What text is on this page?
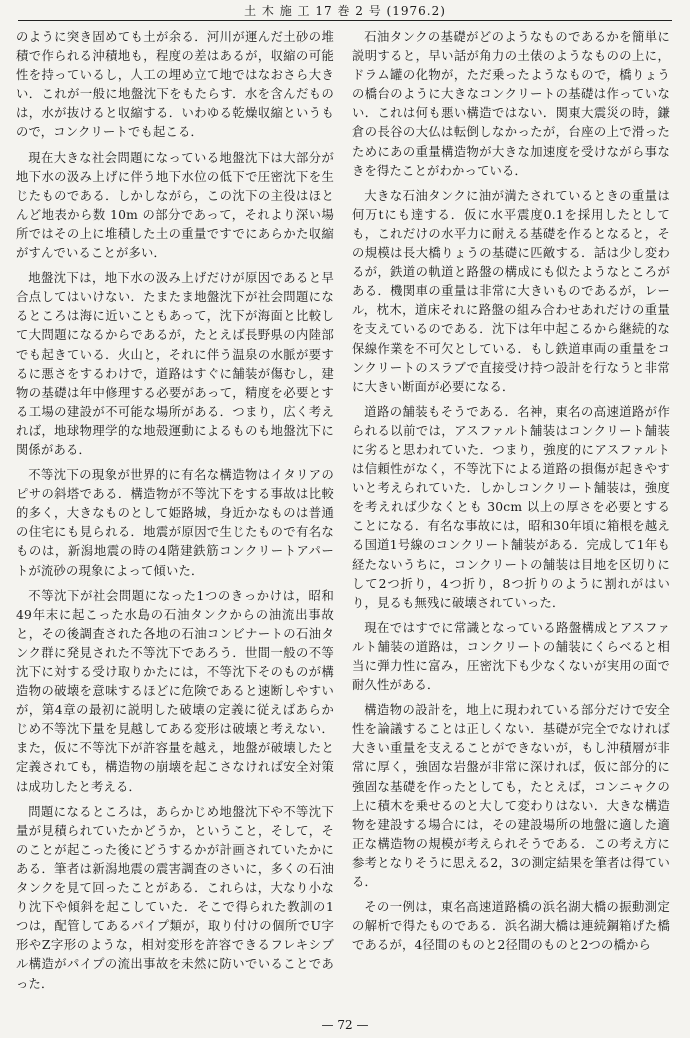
土 木 施 工 17 巻 2 号 (1976.2)

のように突き固めても土が余る．河川が運んだ土砂の堆積で作られる沖積地も，程度の差はあるが，収縮の可能性を持っているし，人工の埋め立て地ではなおさら大きい．これが一般に地盤沈下をもたらす．水を含んだものは，水が抜けると収縮する．いわゆる乾燥収縮というもので，コンクリートでも起こる．

現在大きな社会問題になっている地盤沈下は大部分が地下水の汲み上げに伴う地下水位の低下で圧密沈下を生じたものである．しかしながら，この沈下の主役はほとんど地表から数 10m の部分であって，それより深い場所ではその上に堆積した土の重量ですでにあらかた収縮がすんでいることが多い．

地盤沈下は，地下水の汲み上げだけが原因であると早合点してはいけない．たまたま地盤沈下が社会問題になるところは海に近いこともあって，沈下が海面と比較して大問題になるからであるが，たとえば長野県の内陸部でも起きている．火山と，それに伴う温泉の水脈が要するに悪さをするわけで，道路はすぐに舗装が傷むし，建物の基礎は年中修理する必要があって，精度を必要とする工場の建設が不可能な場所がある．つまり，広く考えれば，地球物理学的な地殻運動によるものも地盤沈下に関係がある．

不等沈下の現象が世界的に有名な構造物はイタリアのピサの斜塔である．構造物が不等沈下をする事故は比較的多く，大きなものとして姫路城，身近かなものは普通の住宅にも見られる．地震が原因で生じたもので有名なものは，新潟地震の時の4階建鉄筋コンクリートアパートが流砂の現象によって傾いた．

不等沈下が社会問題になった1つのきっかけは，昭和49年末に起こった水島の石油タンクからの油流出事故と，その後調査された各地の石油コンビナートの石油タンク群に発見された不等沈下であろう．世間一般の不等沈下に対する受け取りかたには，不等沈下そのものが構造物の破壊を意味するほどに危険であると速断しやすいが，第4章の最初に説明した破壊の定義に従えばあらかじめ不等沈下量を見越してある変形は破壊と考えない．また，仮に不等沈下が許容量を越え，地盤が破壊したと定義されても，構造物の崩壊を起こさなければ安全対策は成功したと考える．

問題になるところは，あらかじめ地盤沈下や不等沈下量が見積られていたかどうか，ということ，そして，そのことが起こった後にどうするかが計画されていたかにある．筆者は新潟地震の震害調査のさいに，多くの石油タンクを見て回ったことがある．これらは，大なり小なり沈下や傾斜を起こしていた．そこで得られた教訓の1つは，配管してあるパイプ類が，取り付けの個所でU字形やZ字形のような，相対変形を許容できるフレキシブル構造がパイプの流出事故を未然に防いでいることであった．

石油タンクの基礎がどのようなものであるかを簡単に説明すると，早い話が角力の土俵のようなものの上に，ドラム罐の化物が，ただ乗ったようなもので，橋りょうの橋台のように大きなコンクリートの基礎は作っていない．これは何も悪い構造ではない．関東大震災の時，鎌倉の長谷の大仏は転倒しなかったが，台座の上で滑ったためにあの重量構造物が大きな加速度を受けながら事なきを得たことがわかっている．

大きな石油タンクに油が満たされているときの重量は何万tにも達する．仮に水平震度0.1を採用したとしても，これだけの水平力に耐える基礎を作るとなると，その規模は長大橋りょうの基礎に匹敵する．話は少し変わるが，鉄道の軌道と路盤の構成にも似たようなところがある．機関車の重量は非常に大きいものであるが，レール，枕木，道床それに路盤の組み合わせあれだけの重量を支えているのである．沈下は年中起こるから継続的な保線作業を不可欠としている．もし鉄道車両の重量をコンクリートのスラブで直接受け持つ設計を行なうと非常に大きい断面が必要になる．

道路の舗装もそうである．名神，東名の高速道路が作られる以前では，アスファルト舗装はコンクリート舗装に劣ると思われていた．つまり，強度的にアスファルトは信頼性がなく，不等沈下による道路の損傷が起きやすいと考えられていた．しかしコンクリート舗装は，強度を考えれば少なくとも 30cm 以上の厚さを必要とすることになる．有名な事故には，昭和30年頃に箱根を越える国道1号線のコンクリート舗装がある．完成して1年も経たないうちに，コンクリートの舗装は目地を区切りにして2つ折り，4つ折り，8つ折りのように割れがはいり，見るも無残に破壊されていった．

現在ではすでに常識となっている路盤構成とアスファルト舗装の道路は，コンクリートの舗装にくらべると相当に弾力性に富み，圧密沈下も少なくないが実用の面で耐久性がある．

構造物の設計を，地上に現われている部分だけで安全性を論議することは正しくない．基礎が完全でなければ大きい重量を支えることができないが，もし沖積層が非常に厚く，強固な岩盤が非常に深ければ，仮に部分的に強固な基礎を作ったとしても，たとえば，コンニャクの上に積木を乗せるのと大して変わりはない．大きな構造物を建設する場合には，その建設場所の地盤に適した適正な構造物の規模が考えられそうである．この考え方に参考となりそうに思える2，3の測定結果を筆者は得ている．

その一例は，東名高速道路橋の浜名湖大橋の振動測定の解析で得たものである．浜名湖大橋は連続鋼箱げた橋であるが，4径間のものと2径間のものと2つの橋から

— 72 —
